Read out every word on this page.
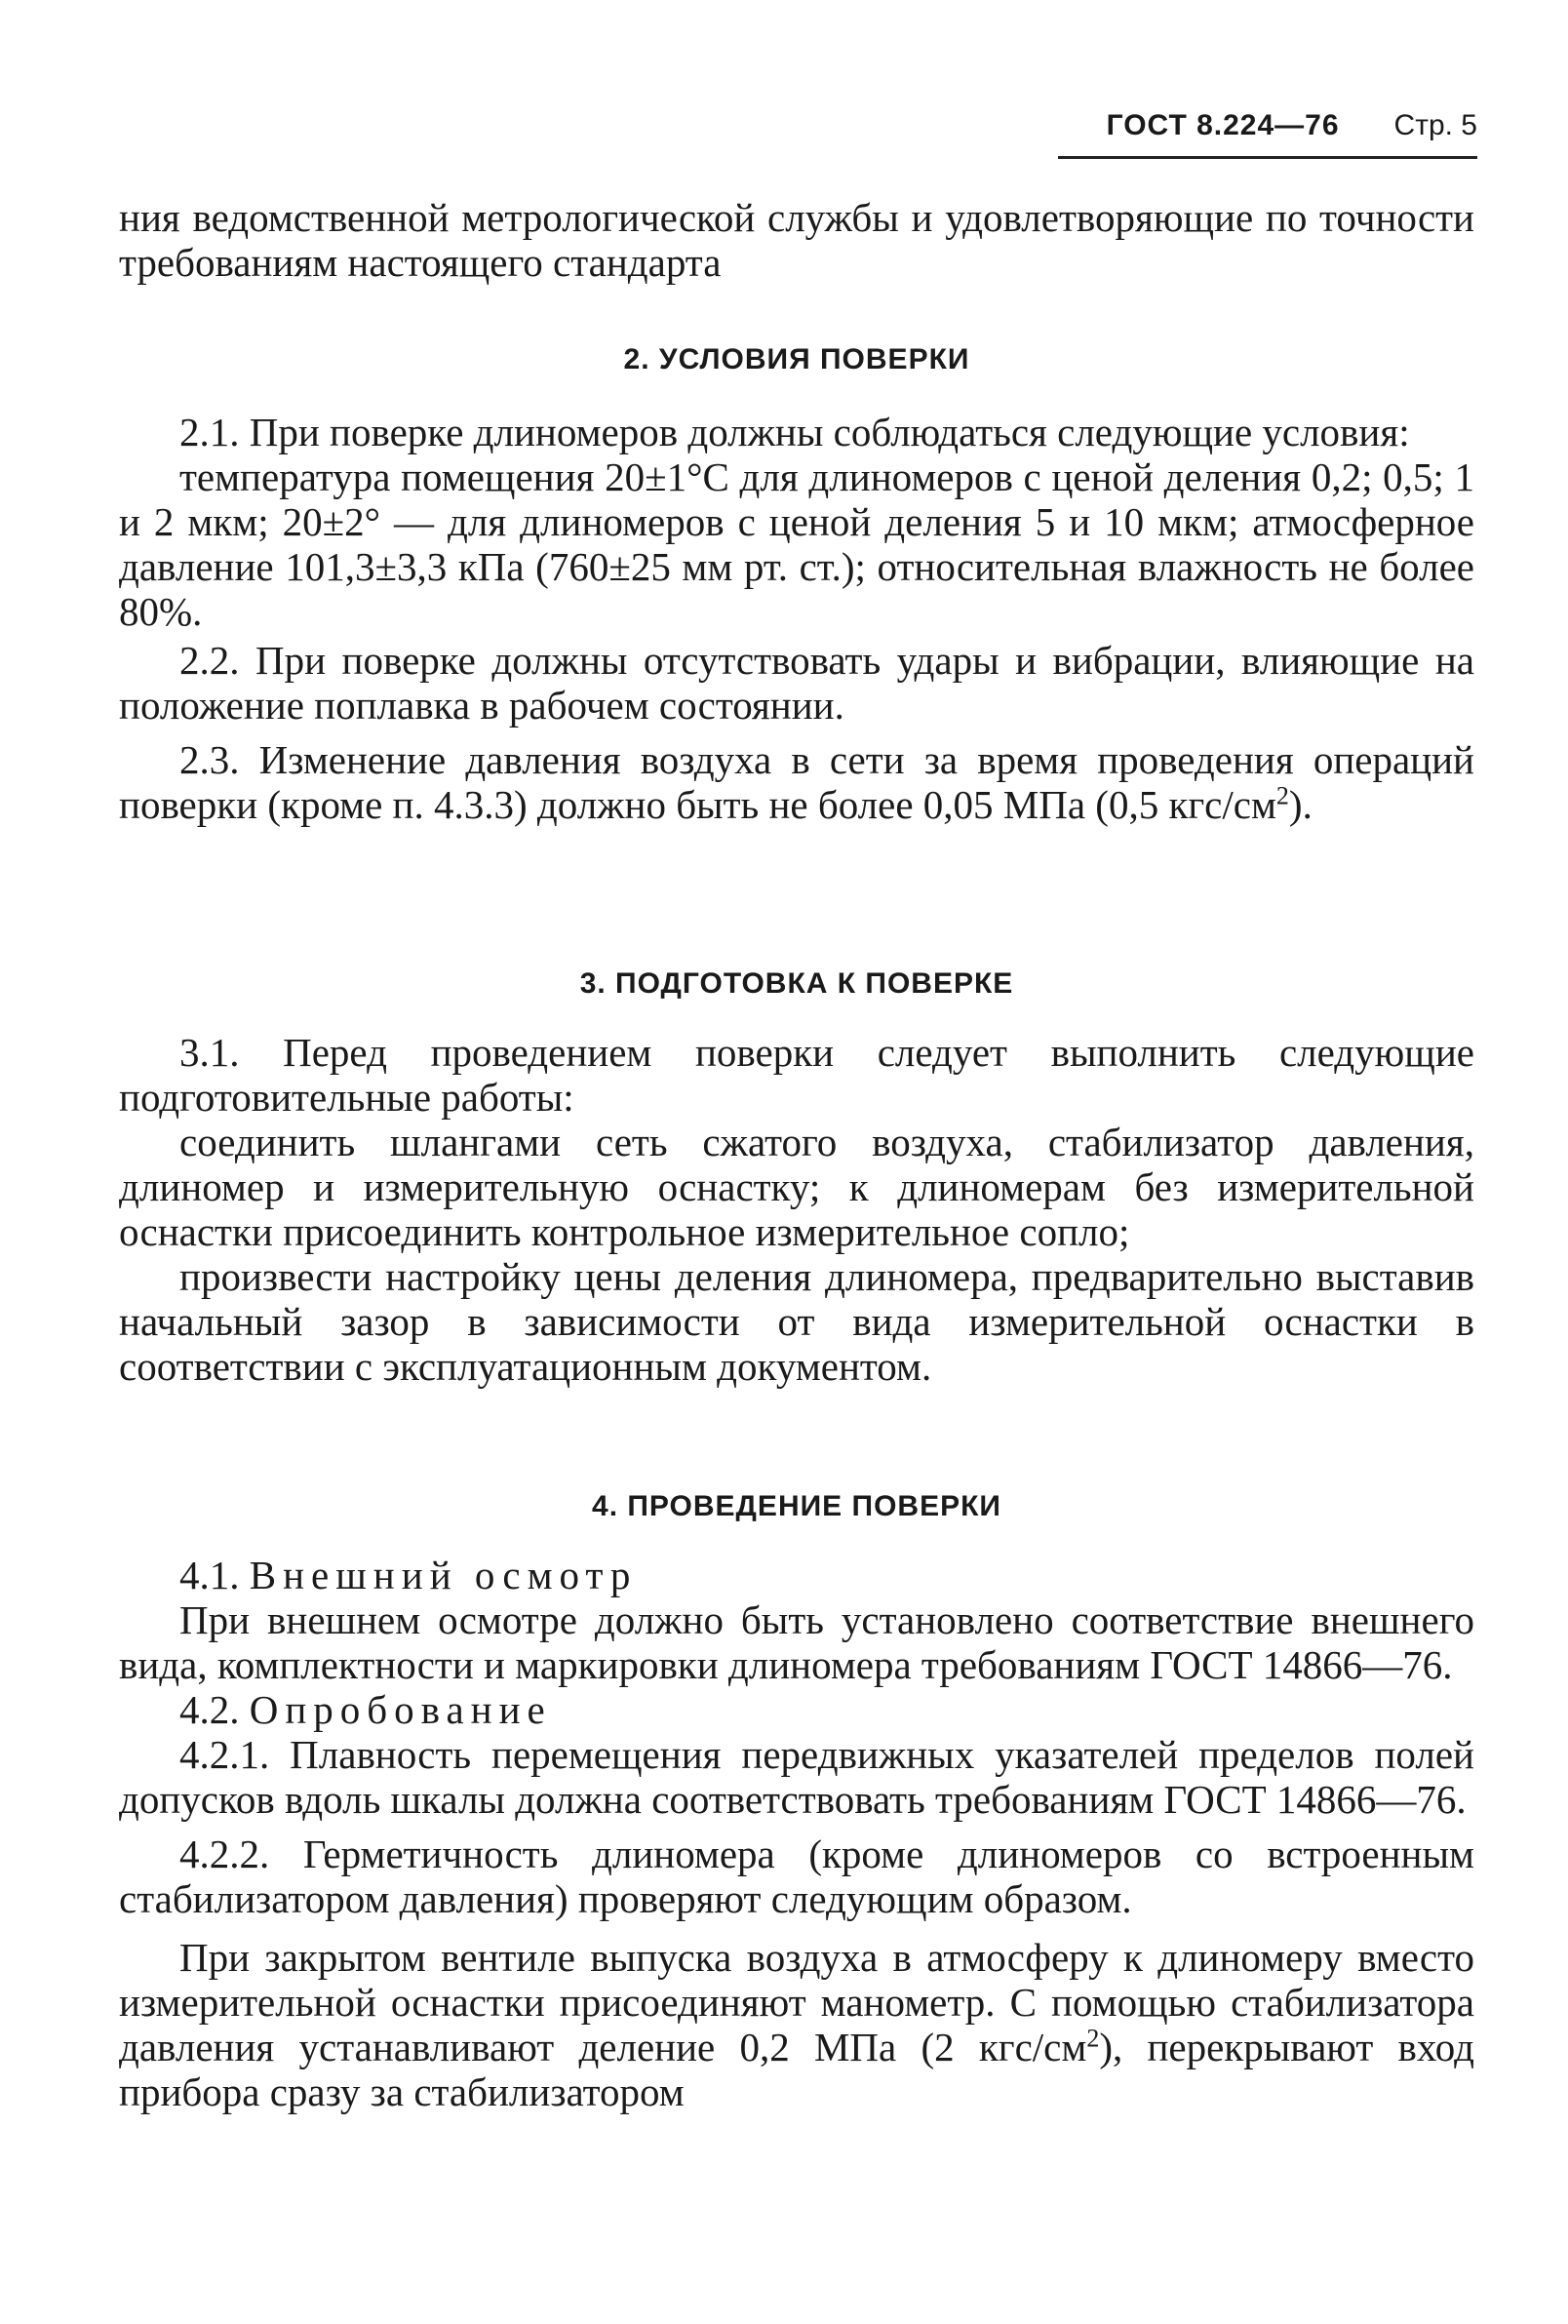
ГОСТ 8.224—76 Стр. 5

ния ведомственной метрологической службы и удовлетворяющие по точности требованиям настоящего стандарта

2. УСЛОВИЯ ПОВЕРКИ

2.1. При поверке длиномеров должны соблюдаться следующие условия:

температура помещения 20±1°С для длиномеров с ценой деления 0,2; 0,5; 1 и 2 мкм; 20±2° — для длиномеров с ценой деления 5 и 10 мкм; атмосферное давление 101,3±3,3 кПа (760±25 мм рт. ст.); относительная влажность не более 80%.

2.2. При поверке должны отсутствовать удары и вибрации, влияющие на положение поплавка в рабочем состоянии.

2.3. Изменение давления воздуха в сети за время проведения операций поверки (кроме п. 4.3.3) должно быть не более 0,05 МПа (0,5 кгс/$см^2$).

3. ПОДГОТОВКА К ПОВЕРКЕ

3.1. Перед проведением поверки следует выполнить следующие подготовительные работы:

соединить шлангами сеть сжатого воздуха, стабилизатор давления, длиномер и измерительную оснастку; к длиномерам без измерительной оснастки присоединить контрольное измерительное сопло;

произвести настройку цены деления длиномера, предварительно выставив начальный зазор в зависимости от вида измерительной оснастки в соответствии с эксплуатационным документом.

4. ПРОВЕДЕНИЕ ПОВЕРКИ

4.1. Внешний осмотр

При внешнем осмотре должно быть установлено соответствие внешнего вида, комплектности и маркировки длиномера требованиям ГОСТ 14866—76.

4.2. Опробование

4.2.1. Плавность перемещения передвижных указателей пределов полей допусков вдоль шкалы должна соответствовать требованиям ГОСТ 14866—76.

4.2.2. Герметичность длиномера (кроме длиномеров со встроенным стабилизатором давления) проверяют следующим образом.

При закрытом вентиле выпуска воздуха в атмосферу к длиномеру вместо измерительной оснастки присоединяют манометр. С помощью стабилизатора давления устанавливают деление 0,2 МПа (2 кгс/$см^2$), перекрывают вход прибора сразу за стабилизатором
